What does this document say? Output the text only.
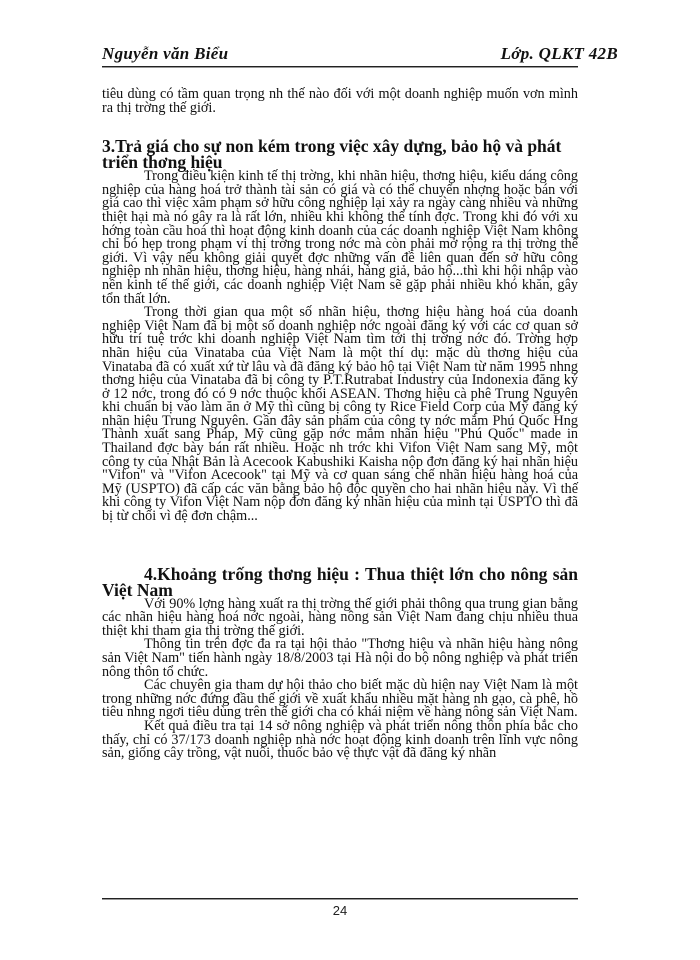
Nguyễn văn Biểu	Lớp. QLKT 42B

tiêu dùng có tầm quan trọng nh thế nào đối với một doanh nghiệp muốn vơn mình ra thị trờng thế giới.

3.Trả giá cho sự non kém trong việc xây dựng, bảo hộ và phát triển thơng hiệu

Trong điều kiện kinh tế thị trờng, khi nhãn hiệu, thơng hiệu, kiểu dáng công nghiệp của hàng hoá trở thành tài sản có giá và có thể chuyển nhợng hoặc bán với giá cao thì việc xâm phạm sở hữu công nghiệp lại xảy ra ngày càng nhiều và những thiệt hại mà nó gây ra là rất lớn, nhiều khi không thể tính đợc. Trong khi đó với xu hớng toàn cầu hoá thì hoạt động kinh doanh của các doanh nghiệp Việt Nam không chỉ bó hẹp trong phạm vi thị trờng trong nớc mà còn phải mở rộng ra thị trờng thế giới. Vì vậy nếu không giải quyết đợc những vấn đề liên quan đến sở hữu công nghiệp nh nhãn hiệu, thơng hiệu, hàng nhái, hàng giả, bảo hộ...thì khi hội nhập vào nền kinh tế thế giới, các doanh nghiệp Việt Nam sẽ gặp phải nhiều khó khăn, gây tổn thất lớn.

Trong thời gian qua một số nhãn hiệu, thơng hiệu hàng hoá của doanh nghiệp Việt Nam đã bị một số doanh nghiệp nớc ngoài đăng ký với các cơ quan sở hữu trí tuệ trớc khi doanh nghiệp Việt Nam tìm tới thị trờng nớc đó. Trờng hợp nhãn hiệu của Vinataba của Việt Nam là một thí dụ: mặc dù thơng hiệu của Vinataba đã có xuất xứ từ lâu và đã đăng ký bảo hộ tại Việt Nam từ năm 1995 nhng thơng hiệu của Vinataba đã bị công ty P.T.Rutrabat Industry của Indonexia đăng ký ở 12 nớc, trong đó có 9 nớc thuộc khối ASEAN. Thơng hiệu cà phê Trung Nguyên khi chuẩn bị vào làm ăn ở Mỹ thì cũng bị công ty Rice Field Corp của Mỹ đăng ký nhãn hiệu Trung Nguyên. Gần đây sản phẩm của công ty nớc mắm Phú Quốc Hng Thành xuất sang Pháp, Mỹ cũng gặp nớc mắm nhãn hiệu "Phú Quốc" made in Thailand đợc bày bán rất nhiều. Hoặc nh trớc khi Vifon Việt Nam sang Mỹ, một công ty của Nhật Bản là Acecook Kabushiki Kaisha nộp đơn đăng ký hai nhãn hiệu "Vifon" và "Vifon Acecook" tại Mỹ và cơ quan sáng chế nhãn hiệu hàng hoá của Mỹ (USPTO) đã cấp các văn bằng bảo hộ độc quyền cho hai nhãn hiệu này. Vì thế khi công ty Vifon Việt Nam nộp đơn đăng ký nhãn hiệu của mình tại USPTO thì đã bị từ chối vì đệ đơn chậm...

4.Khoảng trống thơng hiệu : Thua thiệt lớn cho nông sản Việt Nam

Với 90% lợng hàng xuất ra thị trờng thế giới phải thông qua trung gian bằng các nhãn hiệu hàng hoá nớc ngoài, hàng nông sản Việt Nam đang chịu nhiều thua thiệt khi tham gia thị trờng thế giới.

Thông tin trên đợc đa ra tại hội thảo "Thơng hiệu và nhãn hiệu hàng nông sản Việt Nam" tiến hành ngày 18/8/2003 tại Hà nội do bộ nông nghiệp và phát triển nông thôn tổ chức.

Các chuyên gia tham dự hội thảo cho biết mặc dù hiện nay Việt Nam là một trong những nớc đứng đầu thế giới về xuất khẩu nhiều mặt hàng nh gạo, cà phê, hồ tiêu nhng ngơi tiêu dùng trên thế giới cha có khái niệm về hàng nông sản Việt Nam.

Kết quả điều tra tại 14 sở nông nghiệp và phát triển nông thôn phía bắc cho thấy, chỉ có 37/173 doanh nghiệp nhà nớc hoạt động kinh doanh trên lĩnh vực nông sản, giống cây trồng, vật nuôi, thuốc bảo vệ thực vật đã đăng ký nhãn

24
